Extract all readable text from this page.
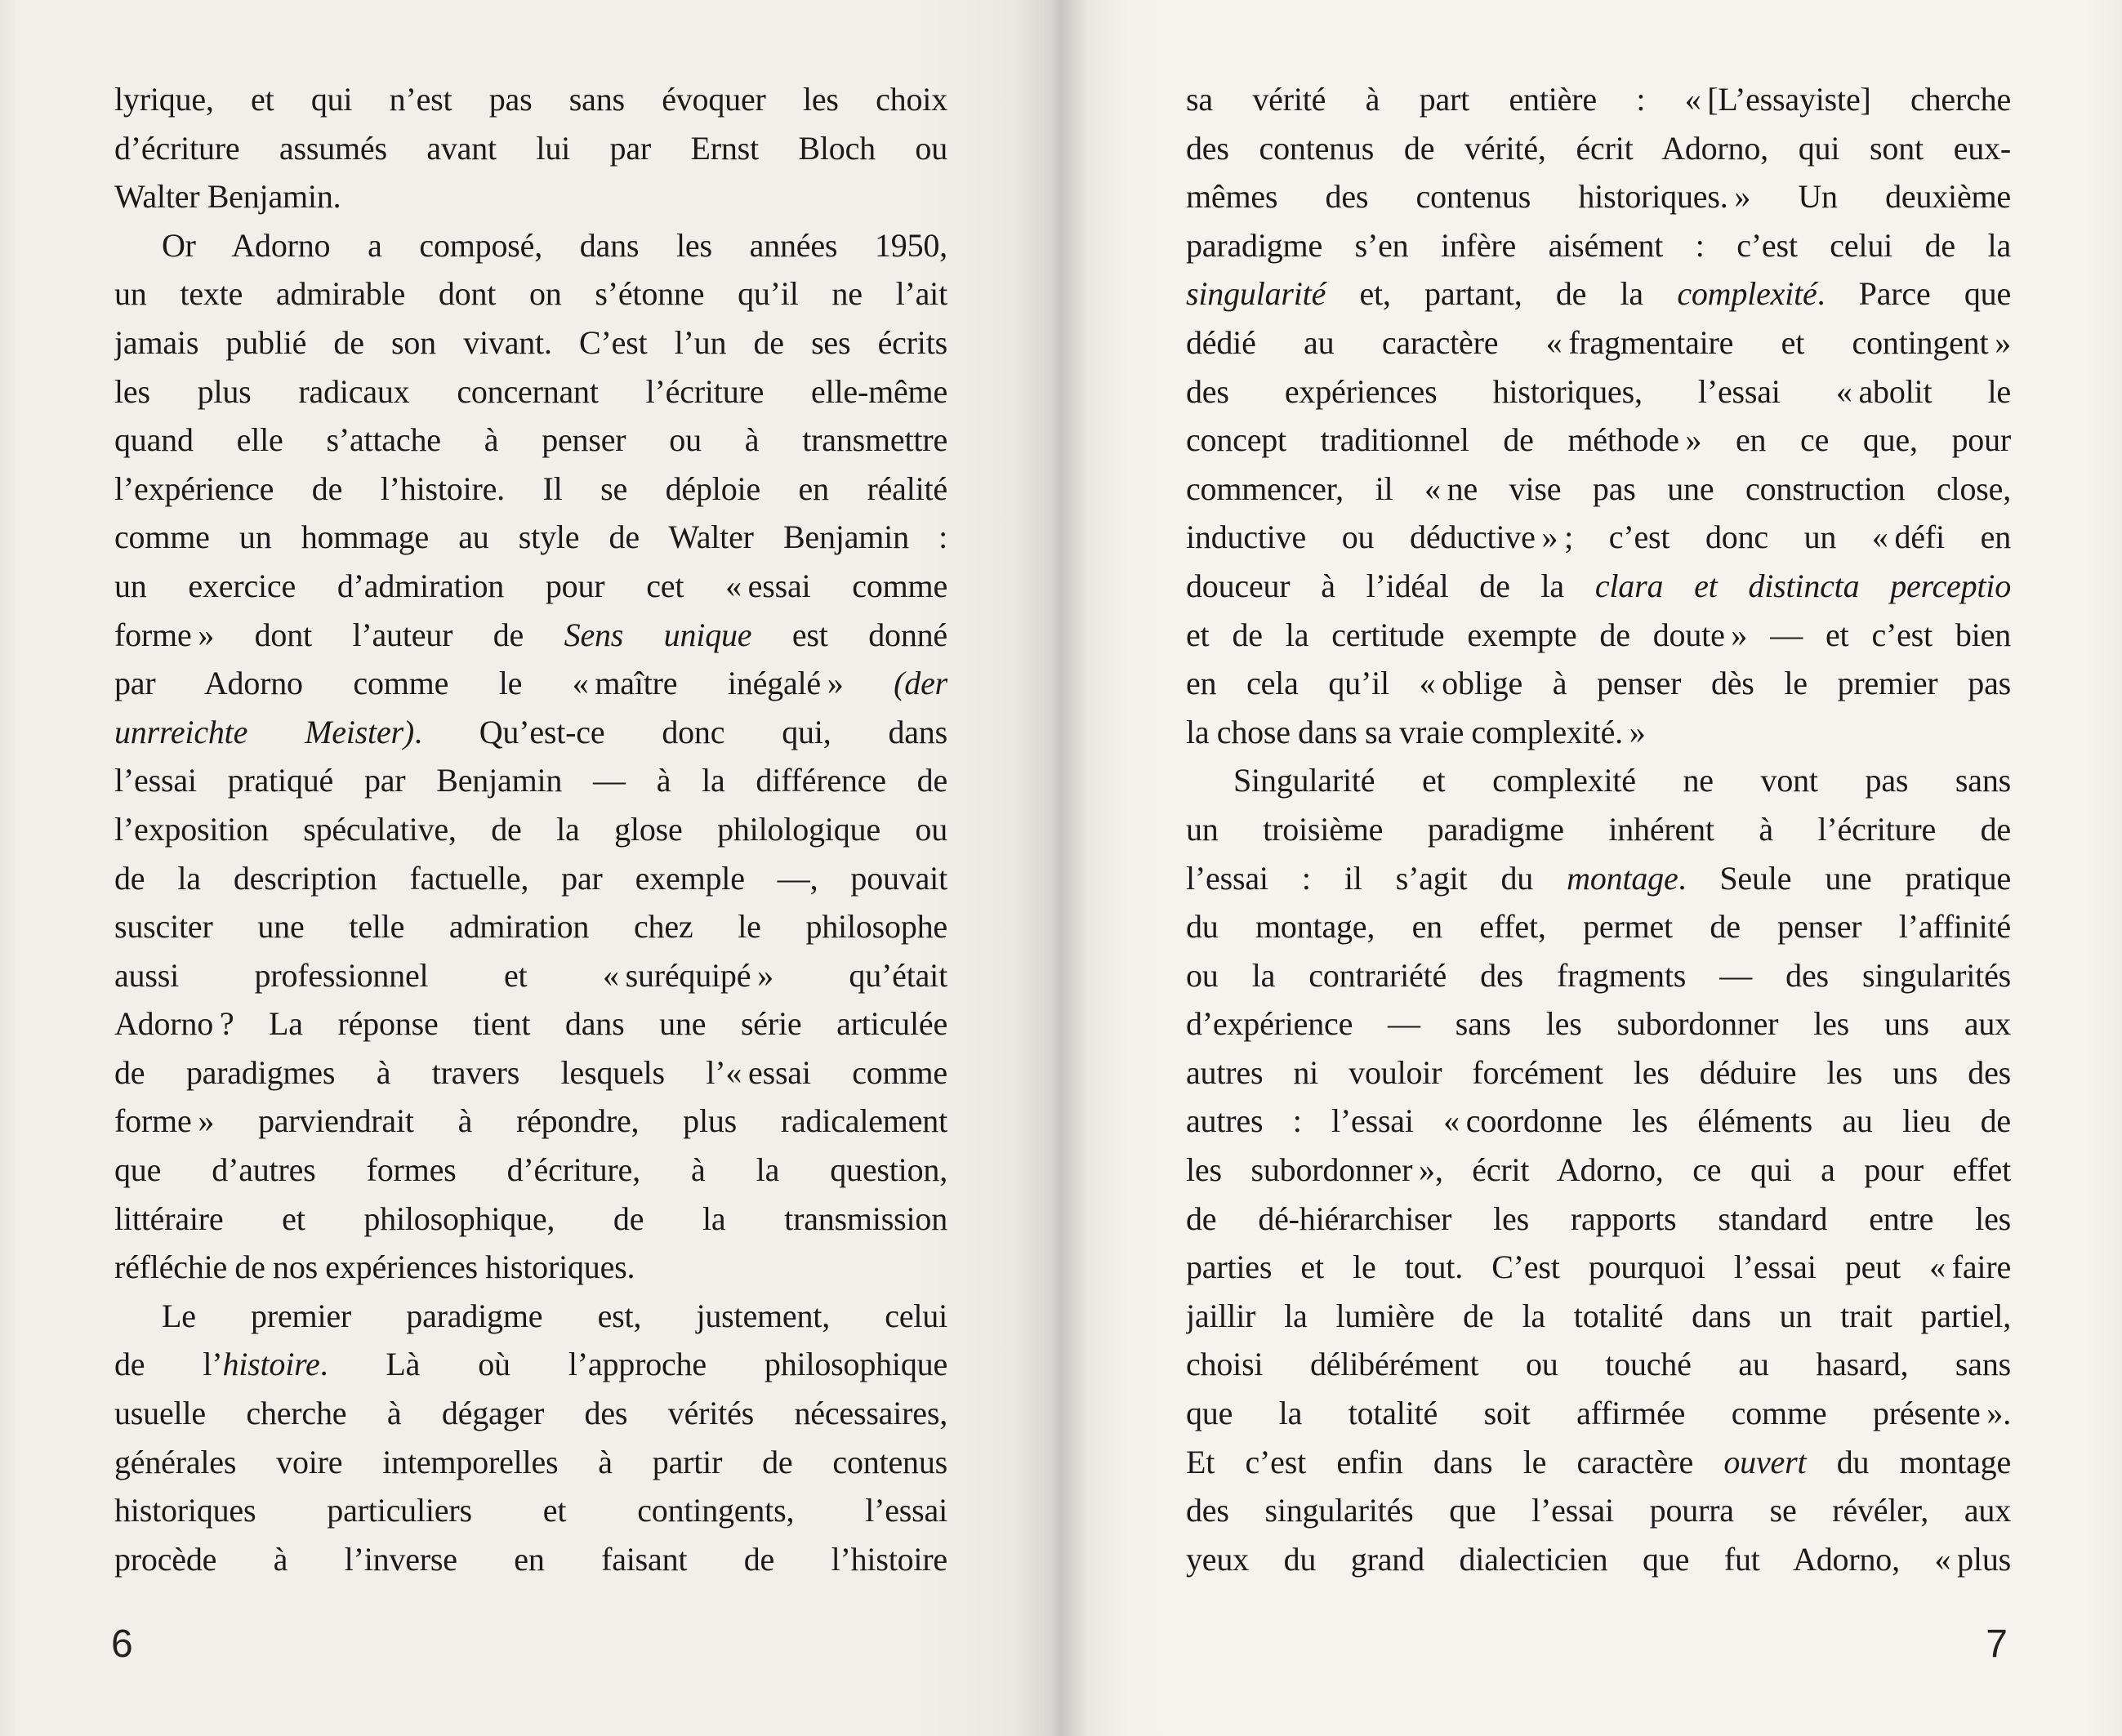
lyrique, et qui n’est pas sans évoquer les choix
d’écriture assumés avant lui par Ernst Bloch ou
Walter Benjamin.
Or Adorno a composé, dans les années 1950,
un texte admirable dont on s’étonne qu’il ne l’ait
jamais publié de son vivant. C’est l’un de ses écrits
les plus radicaux concernant l’écriture elle-même
quand elle s’attache à penser ou à transmettre
l’expérience de l’histoire. Il se déploie en réalité
comme un hommage au style de Walter Benjamin :
un exercice d’admiration pour cet « essai comme
forme » dont l’auteur de Sens unique est donné
par Adorno comme le « maître inégalé » (der
unrreichte Meister). Qu’est-ce donc qui, dans
l’essai pratiqué par Benjamin — à la différence de
l’exposition spéculative, de la glose philologique ou
de la description factuelle, par exemple —, pouvait
susciter une telle admiration chez le philosophe
aussi professionnel et « suréquipé » qu’était
Adorno ? La réponse tient dans une série articulée
de paradigmes à travers lesquels l’« essai comme
forme » parviendrait à répondre, plus radicalement
que d’autres formes d’écriture, à la question,
littéraire et philosophique, de la transmission
réfléchie de nos expériences historiques.
Le premier paradigme est, justement, celui
de l’histoire. Là où l’approche philosophique
usuelle cherche à dégager des vérités nécessaires,
générales voire intemporelles à partir de contenus
historiques particuliers et contingents, l’essai
procède à l’inverse en faisant de l’histoire
6
sa vérité à part entière : « [L’essayiste] cherche
des contenus de vérité, écrit Adorno, qui sont eux-
mêmes des contenus historiques. » Un deuxième
paradigme s’en infère aisément : c’est celui de la
singularité et, partant, de la complexité. Parce que
dédié au caractère « fragmentaire et contingent »
des expériences historiques, l’essai « abolit le
concept traditionnel de méthode » en ce que, pour
commencer, il « ne vise pas une construction close,
inductive ou déductive » ; c’est donc un « défi en
douceur à l’idéal de la clara et distincta perceptio
et de la certitude exempte de doute » — et c’est bien
en cela qu’il « oblige à penser dès le premier pas
la chose dans sa vraie complexité. »
Singularité et complexité ne vont pas sans
un troisième paradigme inhérent à l’écriture de
l’essai : il s’agit du montage. Seule une pratique
du montage, en effet, permet de penser l’affinité
ou la contrariété des fragments — des singularités
d’expérience — sans les subordonner les uns aux
autres ni vouloir forcément les déduire les uns des
autres : l’essai « coordonne les éléments au lieu de
les subordonner », écrit Adorno, ce qui a pour effet
de dé-hiérarchiser les rapports standard entre les
parties et le tout. C’est pourquoi l’essai peut « faire
jaillir la lumière de la totalité dans un trait partiel,
choisi délibérément ou touché au hasard, sans
que la totalité soit affirmée comme présente ».
Et c’est enfin dans le caractère ouvert du montage
des singularités que l’essai pourra se révéler, aux
yeux du grand dialecticien que fut Adorno, « plus
7
